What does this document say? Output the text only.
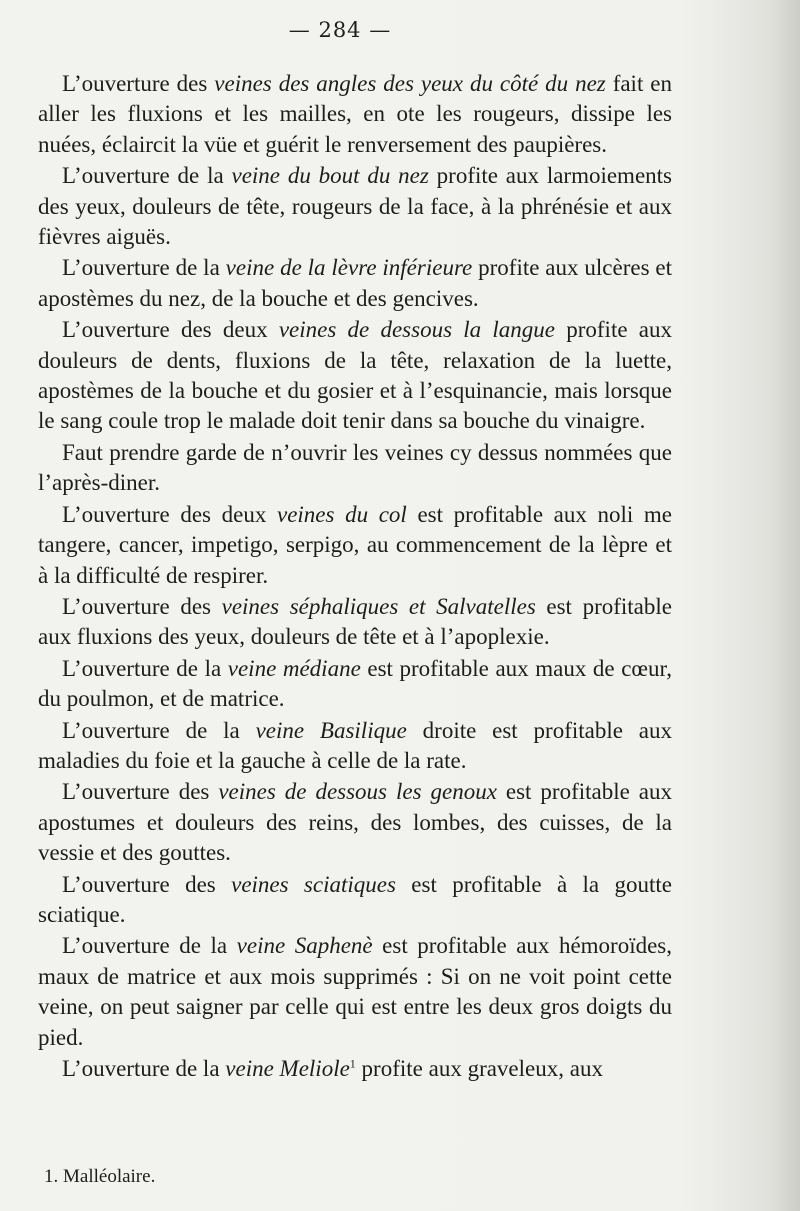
— 284 —

L’ouverture des veines des angles des yeux du côté du nez fait en aller les fluxions et les mailles, en ote les rougeurs, dissipe les nuées, éclaircit la vüe et guérit le renversement des paupières.

L’ouverture de la veine du bout du nez profite aux larmoiements des yeux, douleurs de tête, rougeurs de la face, à la phrénésie et aux fièvres aiguës.

L’ouverture de la veine de la lèvre inférieure profite aux ulcères et apostèmes du nez, de la bouche et des gencives.

L’ouverture des deux veines de dessous la langue profite aux douleurs de dents, fluxions de la tête, relaxation de la luette, apostèmes de la bouche et du gosier et à l’esquinancie, mais lorsque le sang coule trop le malade doit tenir dans sa bouche du vinaigre.

Faut prendre garde de n’ouvrir les veines cy dessus nommées que l’après-diner.

L’ouverture des deux veines du col est profitable aux noli me tangere, cancer, impetigo, serpigo, au commencement de la lèpre et à la difficulté de respirer.

L’ouverture des veines séphaliques et Salvatelles est profitable aux fluxions des yeux, douleurs de tête et à l’apoplexie.

L’ouverture de la veine médiane est profitable aux maux de cœur, du poulmon, et de matrice.

L’ouverture de la veine Basilique droite est profitable aux maladies du foie et la gauche à celle de la rate.

L’ouverture des veines de dessous les genoux est profitable aux apostumes et douleurs des reins, des lombes, des cuisses, de la vessie et des gouttes.

L’ouverture des veines sciatiques est profitable à la goutte sciatique.

L’ouverture de la veine Saphenè est profitable aux hémoroïdes, maux de matrice et aux mois supprimés : Si on ne voit point cette veine, on peut saigner par celle qui est entre les deux gros doigts du pied.

L’ouverture de la veine Meliole$^1$ profite aux graveleux, aux

1. Malléolaire.
